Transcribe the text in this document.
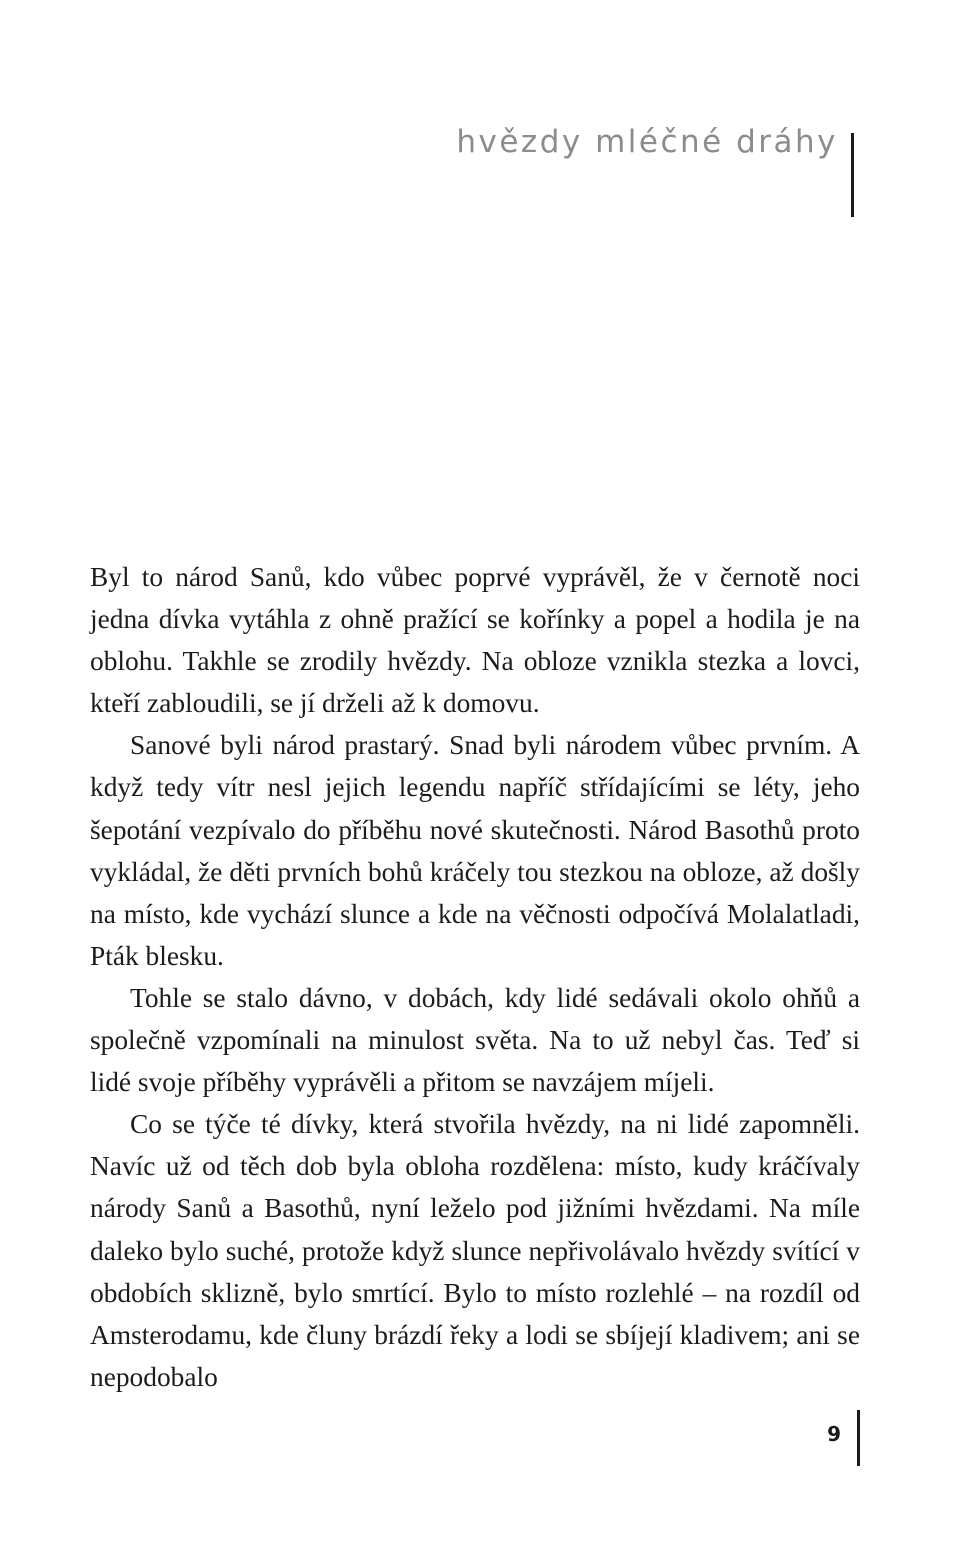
hvězdy mléčné dráhy

Byl to národ Sanů, kdo vůbec poprvé vyprávěl, že v černotě noci jedna dívka vytáhla z ohně pražící se kořínky a popel a hodila je na oblohu. Takhle se zrodily hvězdy. Na obloze vznikla stezka a lovci, kteří zabloudili, se jí drželi až k domovu.

Sanové byli národ prastarý. Snad byli národem vůbec prvním. A když tedy vítr nesl jejich legendu napříč střídajícími se léty, jeho šepotání vezpívalo do příběhu nové skutečnosti. Národ Basothů proto vykládal, že děti prvních bohů kráčely tou stezkou na obloze, až došly na místo, kde vychází slunce a kde na věčnosti odpočívá Molalatladi, Pták blesku.

Tohle se stalo dávno, v dobách, kdy lidé sedávali okolo ohňů a společně vzpomínali na minulost světa. Na to už nebyl čas. Teď si lidé svoje příběhy vyprávěli a přitom se navzájem míjeli.

Co se týče té dívky, která stvořila hvězdy, na ni lidé zapomněli. Navíc už od těch dob byla obloha rozdělena: místo, kudy kráčívaly národy Sanů a Basothů, nyní leželo pod jižními hvězdami. Na míle daleko bylo suché, protože když slunce nepřivolávalo hvězdy svítící v obdobích sklizně, bylo smrtící. Bylo to místo rozlehlé – na rozdíl od Amsterodamu, kde čluny brázdí řeky a lodi se sbíjejí kladivem; ani se nepodobalo

9
